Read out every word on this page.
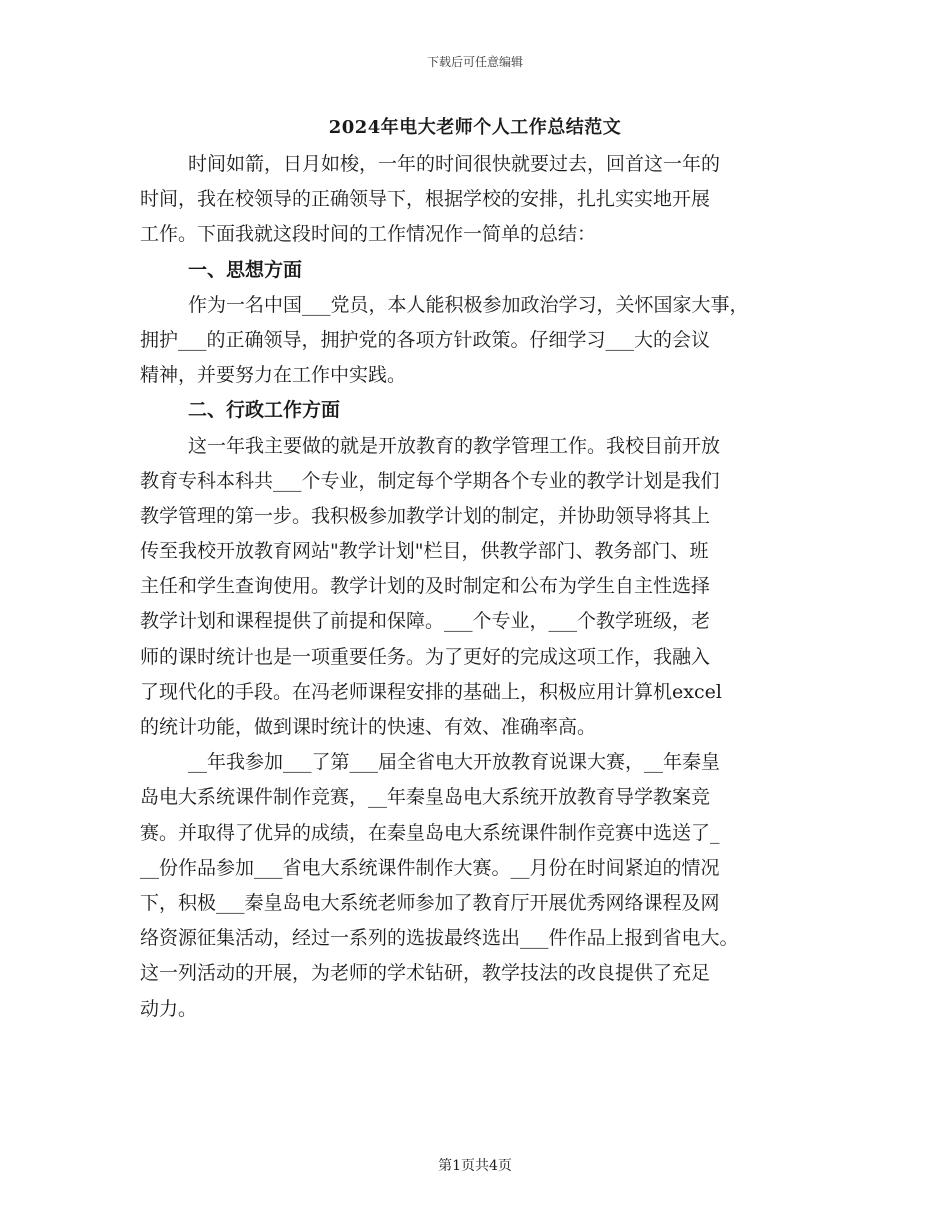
下载后可任意编辑
2024年电大老师个人工作总结范文
时间如箭，日月如梭，一年的时间很快就要过去，回首这一年的
时间，我在校领导的正确领导下，根据学校的安排，扎扎实实地开展
工作。下面我就这段时间的工作情况作一简单的总结：
一、思想方面
作为一名中国___党员，本人能积极参加政治学习，关怀国家大事，
拥护___的正确领导，拥护党的各项方针政策。仔细学习___大的会议
精神，并要努力在工作中实践。
二、行政工作方面
这一年我主要做的就是开放教育的教学管理工作。我校目前开放
教育专科本科共___个专业，制定每个学期各个专业的教学计划是我们
教学管理的第一步。我积极参加教学计划的制定，并协助领导将其上
传至我校开放教育网站"教学计划"栏目，供教学部门、教务部门、班
主任和学生查询使用。教学计划的及时制定和公布为学生自主性选择
教学计划和课程提供了前提和保障。___个专业，___个教学班级，老
师的课时统计也是一项重要任务。为了更好的完成这项工作，我融入
了现代化的手段。在冯老师课程安排的基础上，积极应用计算机excel
的统计功能，做到课时统计的快速、有效、准确率高。
__年我参加___了第___届全省电大开放教育说课大赛，__年秦皇
岛电大系统课件制作竞赛，__年秦皇岛电大系统开放教育导学教案竞
赛。并取得了优异的成绩，在秦皇岛电大系统课件制作竞赛中选送了_
__份作品参加___省电大系统课件制作大赛。__月份在时间紧迫的情况
下，积极___秦皇岛电大系统老师参加了教育厅开展优秀网络课程及网
络资源征集活动，经过一系列的选拔最终选出___件作品上报到省电大。
这一列活动的开展，为老师的学术钻研，教学技法的改良提供了充足
动力。
第1页共4页
